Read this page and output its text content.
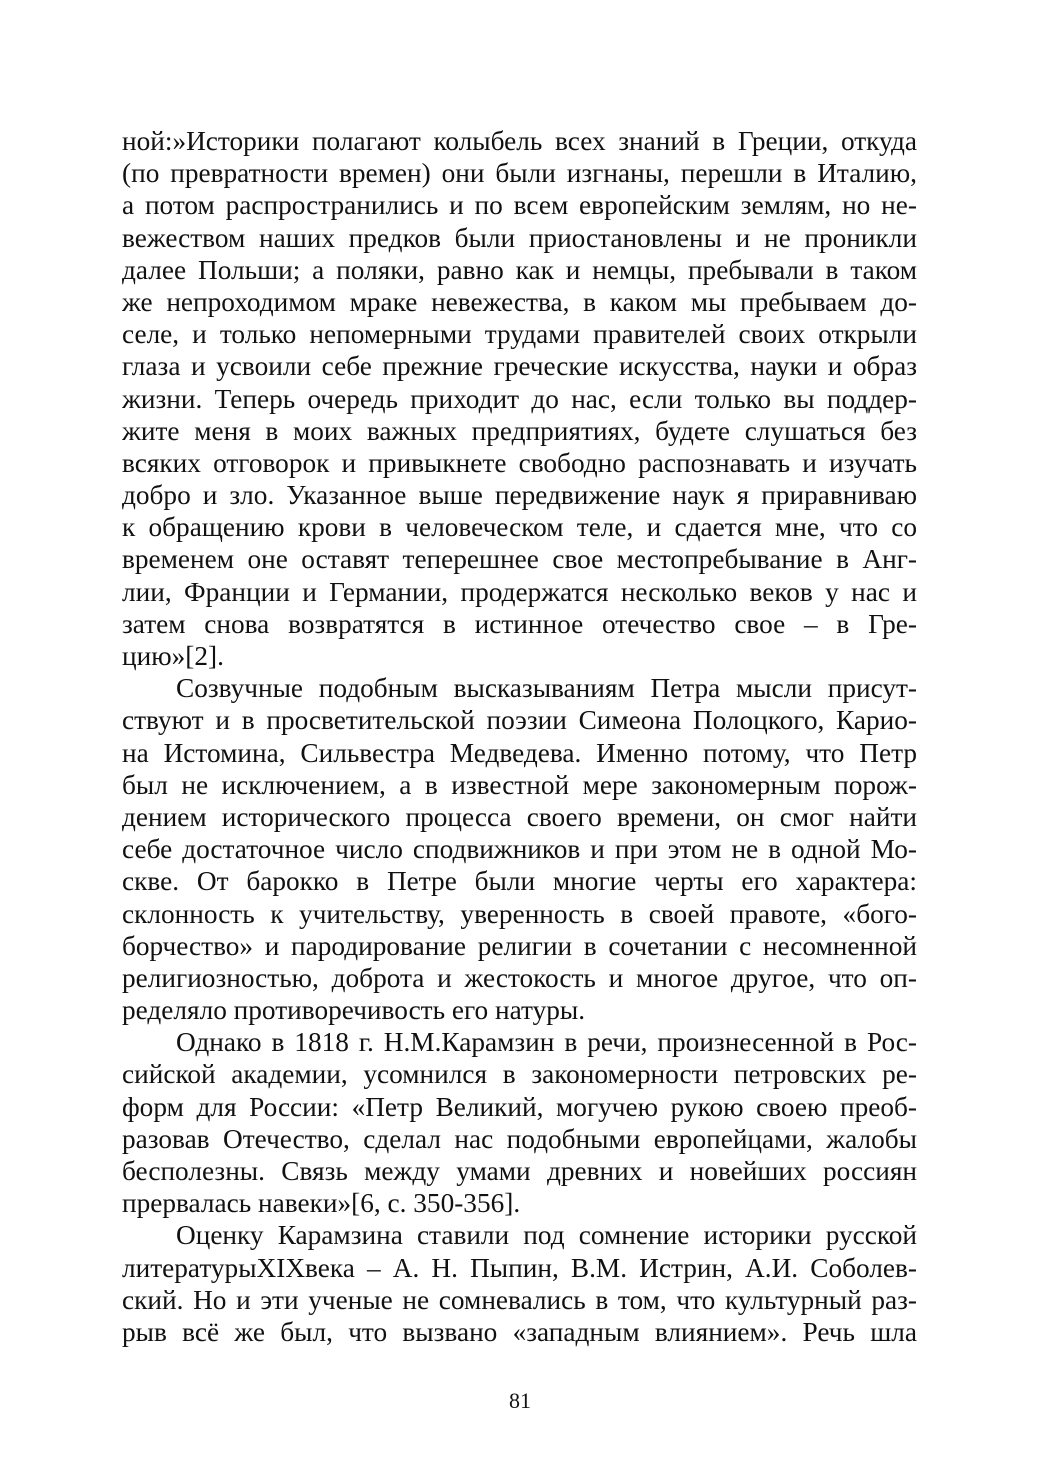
ной:»Историки полагают колыбель всех знаний в Греции, откуда
(по превратности времен) они были изгнаны, перешли в Италию,
а потом распространились и по всем европейским землям, но не-
вежеством наших предков были приостановлены и не проникли
далее Польши; а поляки, равно как и немцы, пребывали в таком
же непроходимом мраке невежества, в каком мы пребываем до-
селе, и только непомерными трудами правителей своих открыли
глаза и усвоили себе прежние греческие искусства, науки и образ
жизни. Теперь очередь приходит до нас, если только вы поддер-
жите меня в моих важных предприятиях, будете слушаться без
всяких отговорок и привыкнете свободно распознавать и изучать
добро и зло. Указанное выше передвижение наук я приравниваю
к обращению крови в человеческом теле, и сдается мне, что со
временем оне оставят теперешнее свое местопребывание в Анг-
лии, Франции и Германии, продержатся несколько веков у нас и
затем снова возвратятся в истинное отечество свое – в Гре-
цию»[2].
Созвучные подобным высказываниям Петра мысли присут-
ствуют и в просветительской поэзии Симеона Полоцкого, Карио-
на Истомина, Сильвестра Медведева. Именно потому, что Петр
был не исключением, а в известной мере закономерным порож-
дением исторического процесса своего времени, он смог найти
себе достаточное число сподвижников и при этом не в одной Мо-
скве. От барокко в Петре были многие черты его характера:
склонность к учительству, уверенность в своей правоте, «бого-
борчество» и пародирование религии в сочетании с несомненной
религиозностью, доброта и жестокость и многое другое, что оп-
ределяло противоречивость его натуры.
Однако в 1818 г. Н.М.Карамзин в речи, произнесенной в Рос-
сийской академии, усомнился в закономерности петровских ре-
форм для России: «Петр Великий, могучею рукою своею преоб-
разовав Отечество, сделал нас подобными европейцами, жалобы
бесполезны. Связь между умами древних и новейших россиян
прервалась навеки»[6, с. 350-356].
Оценку Карамзина ставили под сомнение историки русской
литературыXIXвека – А. Н. Пыпин, В.М. Истрин, А.И. Соболев-
ский. Но и эти ученые не сомневались в том, что культурный раз-
рыв всё же был, что вызвано «западным влиянием». Речь шла
81
